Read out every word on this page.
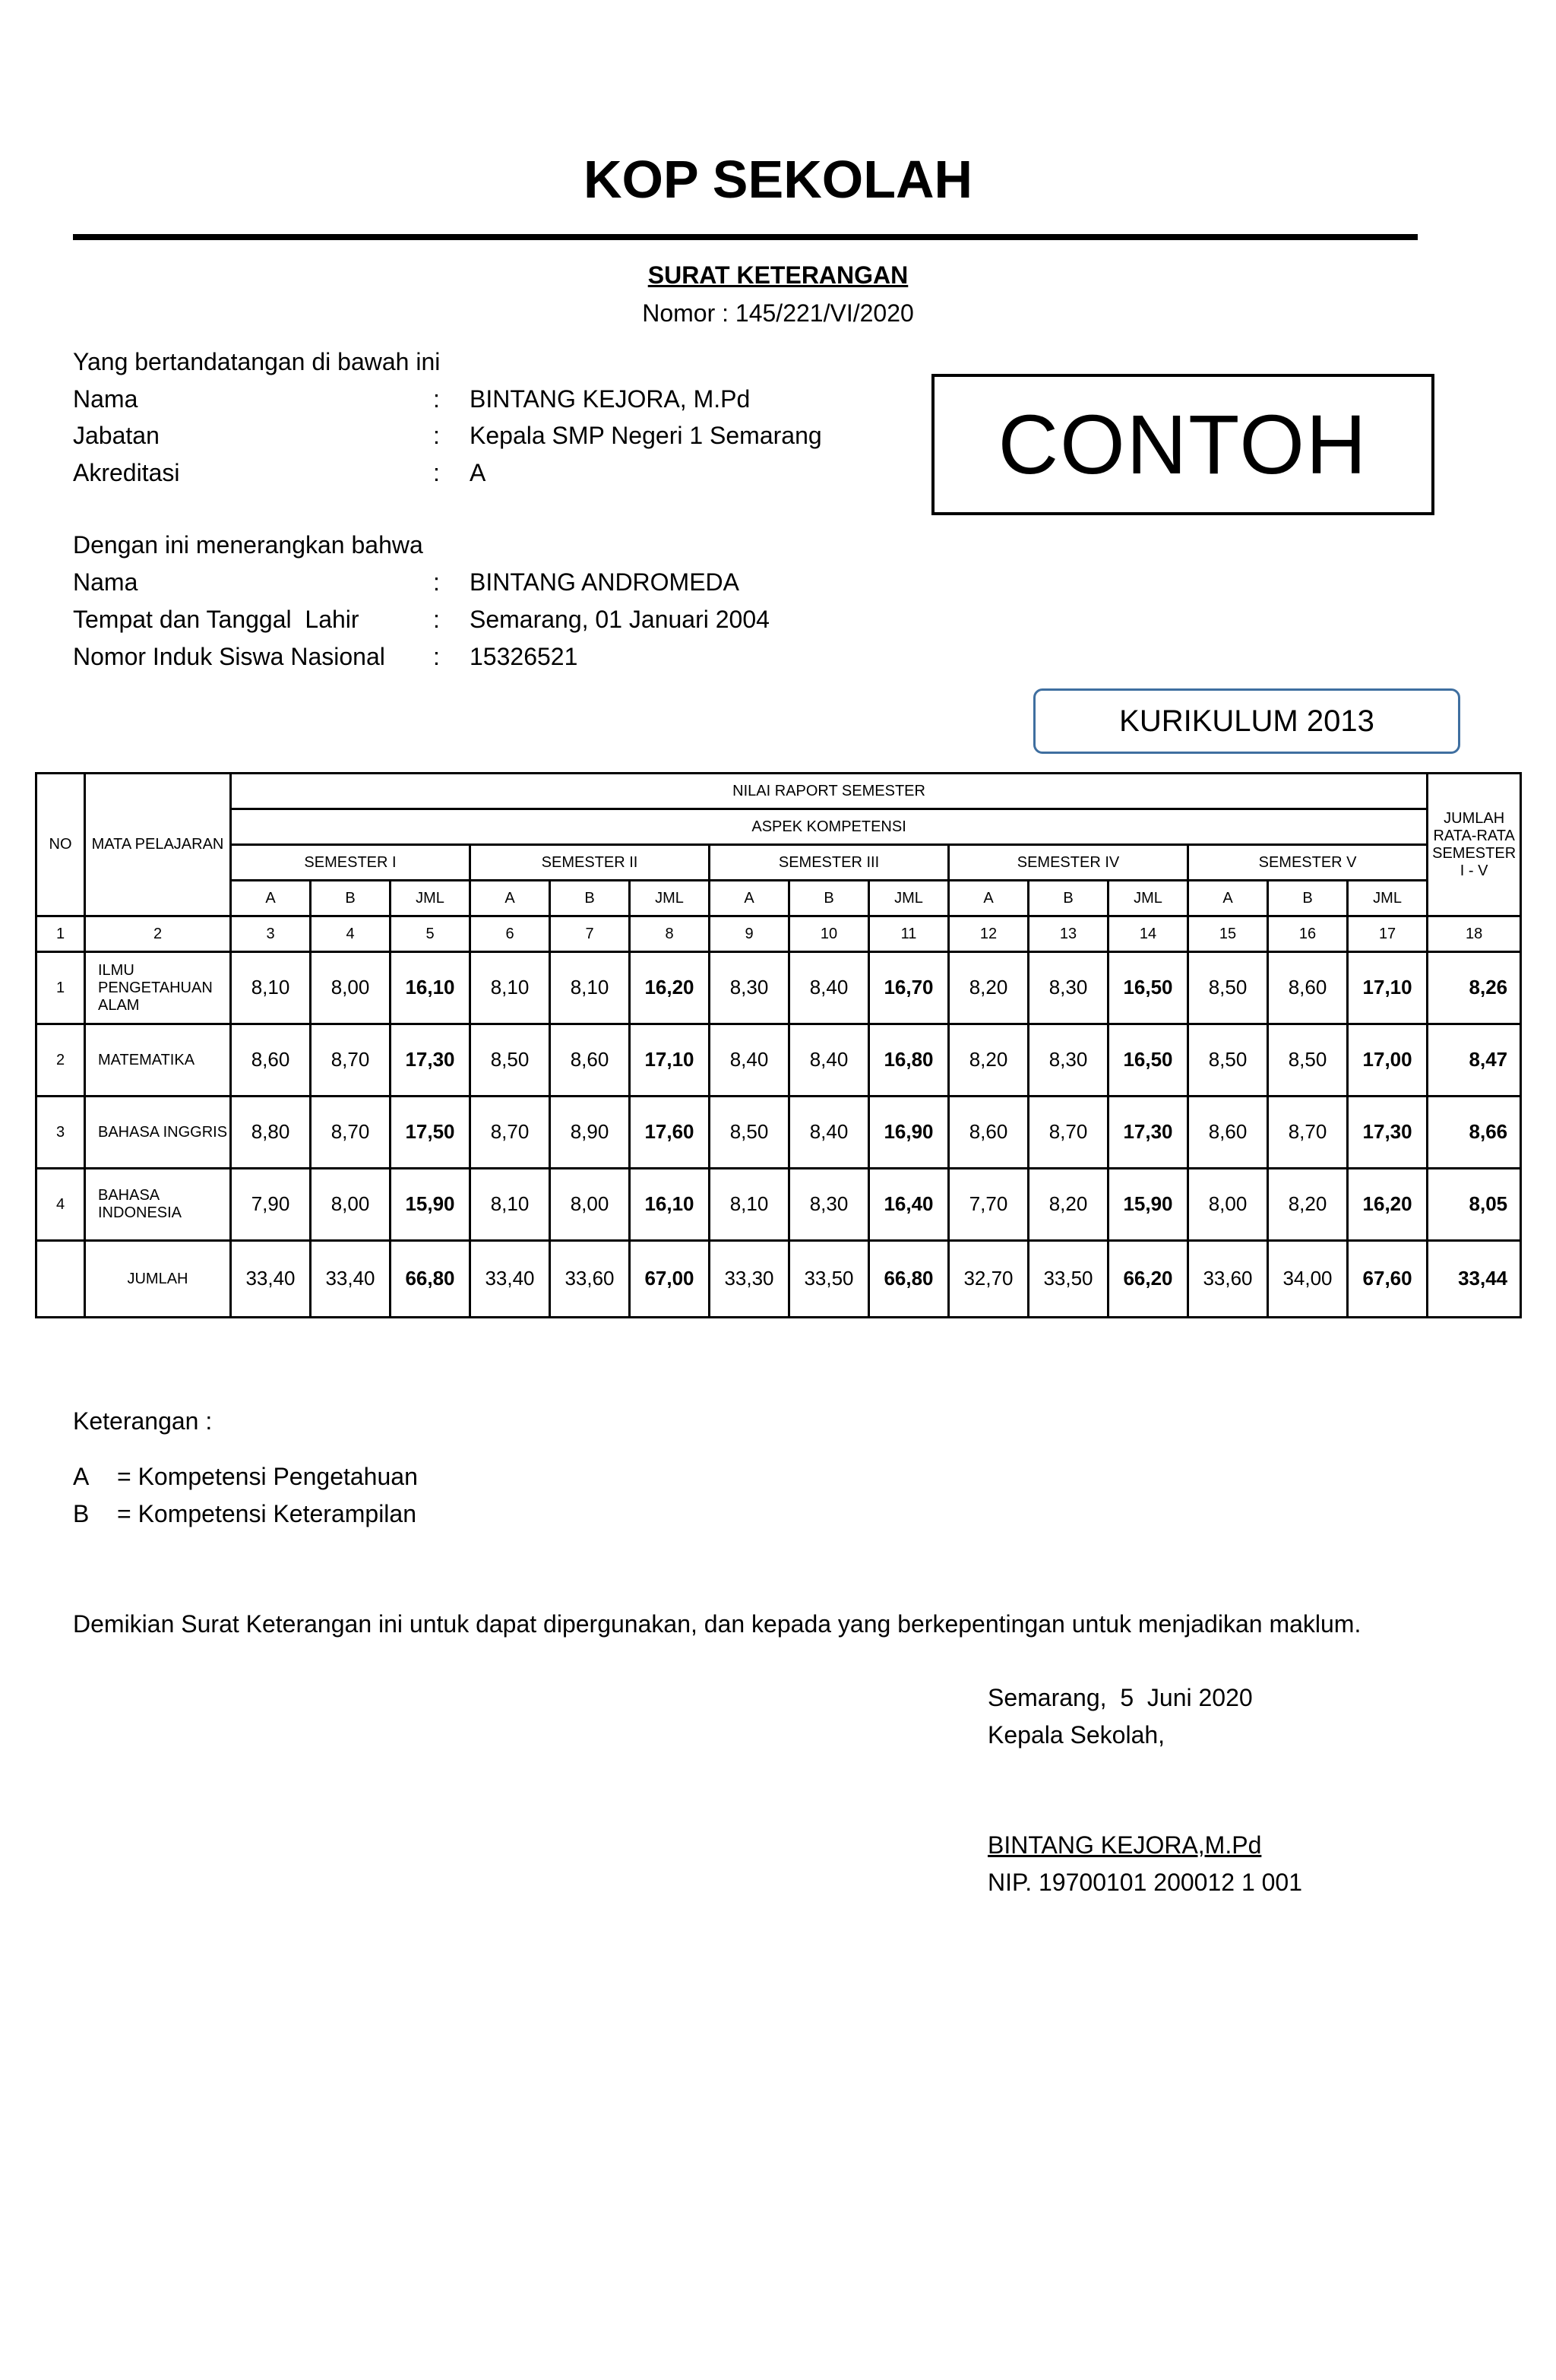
KOP SEKOLAH
SURAT KETERANGAN
Nomor : 145/221/VI/2020
Yang bertandatangan di bawah ini
Nama	: BINTANG KEJORA, M.Pd
Jabatan	: Kepala SMP Negeri 1 Semarang
Akreditasi	: A	CONTOH
Dengan ini menerangkan bahwa
Nama	: BINTANG ANDROMEDA
Tempat dan Tanggal  Lahir	: Semarang, 01 Januari 2004
Nomor Induk Siswa Nasional : 15326521
KURIKULUM 2013
NO	MATA PELAJARAN	NILAI RAPORT SEMESTER															JUMLAH RATA-RATA SEMESTER I - V
		ASPEK KOMPETENSI															
		SEMESTER I			SEMESTER II			SEMESTER III			SEMESTER IV			SEMESTER V			
		A	B	JML	A	B	JML	A	B	JML	A	B	JML	A	B	JML	
1	2	3	4	5	6	7	8	9	10	11	12	13	14	15	16	17	18
1	ILMU PENGETAHUAN ALAM	8,10	8,00	16,10	8,10	8,10	16,20	8,30	8,40	16,70	8,20	8,30	16,50	8,50	8,60	17,10	8,26
2	MATEMATIKA	8,60	8,70	17,30	8,50	8,60	17,10	8,40	8,40	16,80	8,20	8,30	16,50	8,50	8,50	17,00	8,47
3	BAHASA INGGRIS	8,80	8,70	17,50	8,70	8,90	17,60	8,50	8,40	16,90	8,60	8,70	17,30	8,60	8,70	17,30	8,66
4	BAHASA INDONESIA	7,90	8,00	15,90	8,10	8,00	16,10	8,10	8,30	16,40	7,70	8,20	15,90	8,00	8,20	16,20	8,05
	JUMLAH	33,40	33,40	66,80	33,40	33,60	67,00	33,30	33,50	66,80	32,70	33,50	66,20	33,60	34,00	67,60	33,44
Keterangan :
A = Kompetensi Pengetahuan
B = Kompetensi Keterampilan
Demikian Surat Keterangan ini untuk dapat dipergunakan, dan kepada yang berkepentingan untuk menjadikan maklum.
Semarang,  5  Juni 2020
Kepala Sekolah,
BINTANG KEJORA,M.Pd
NIP. 19700101 200012 1 001
